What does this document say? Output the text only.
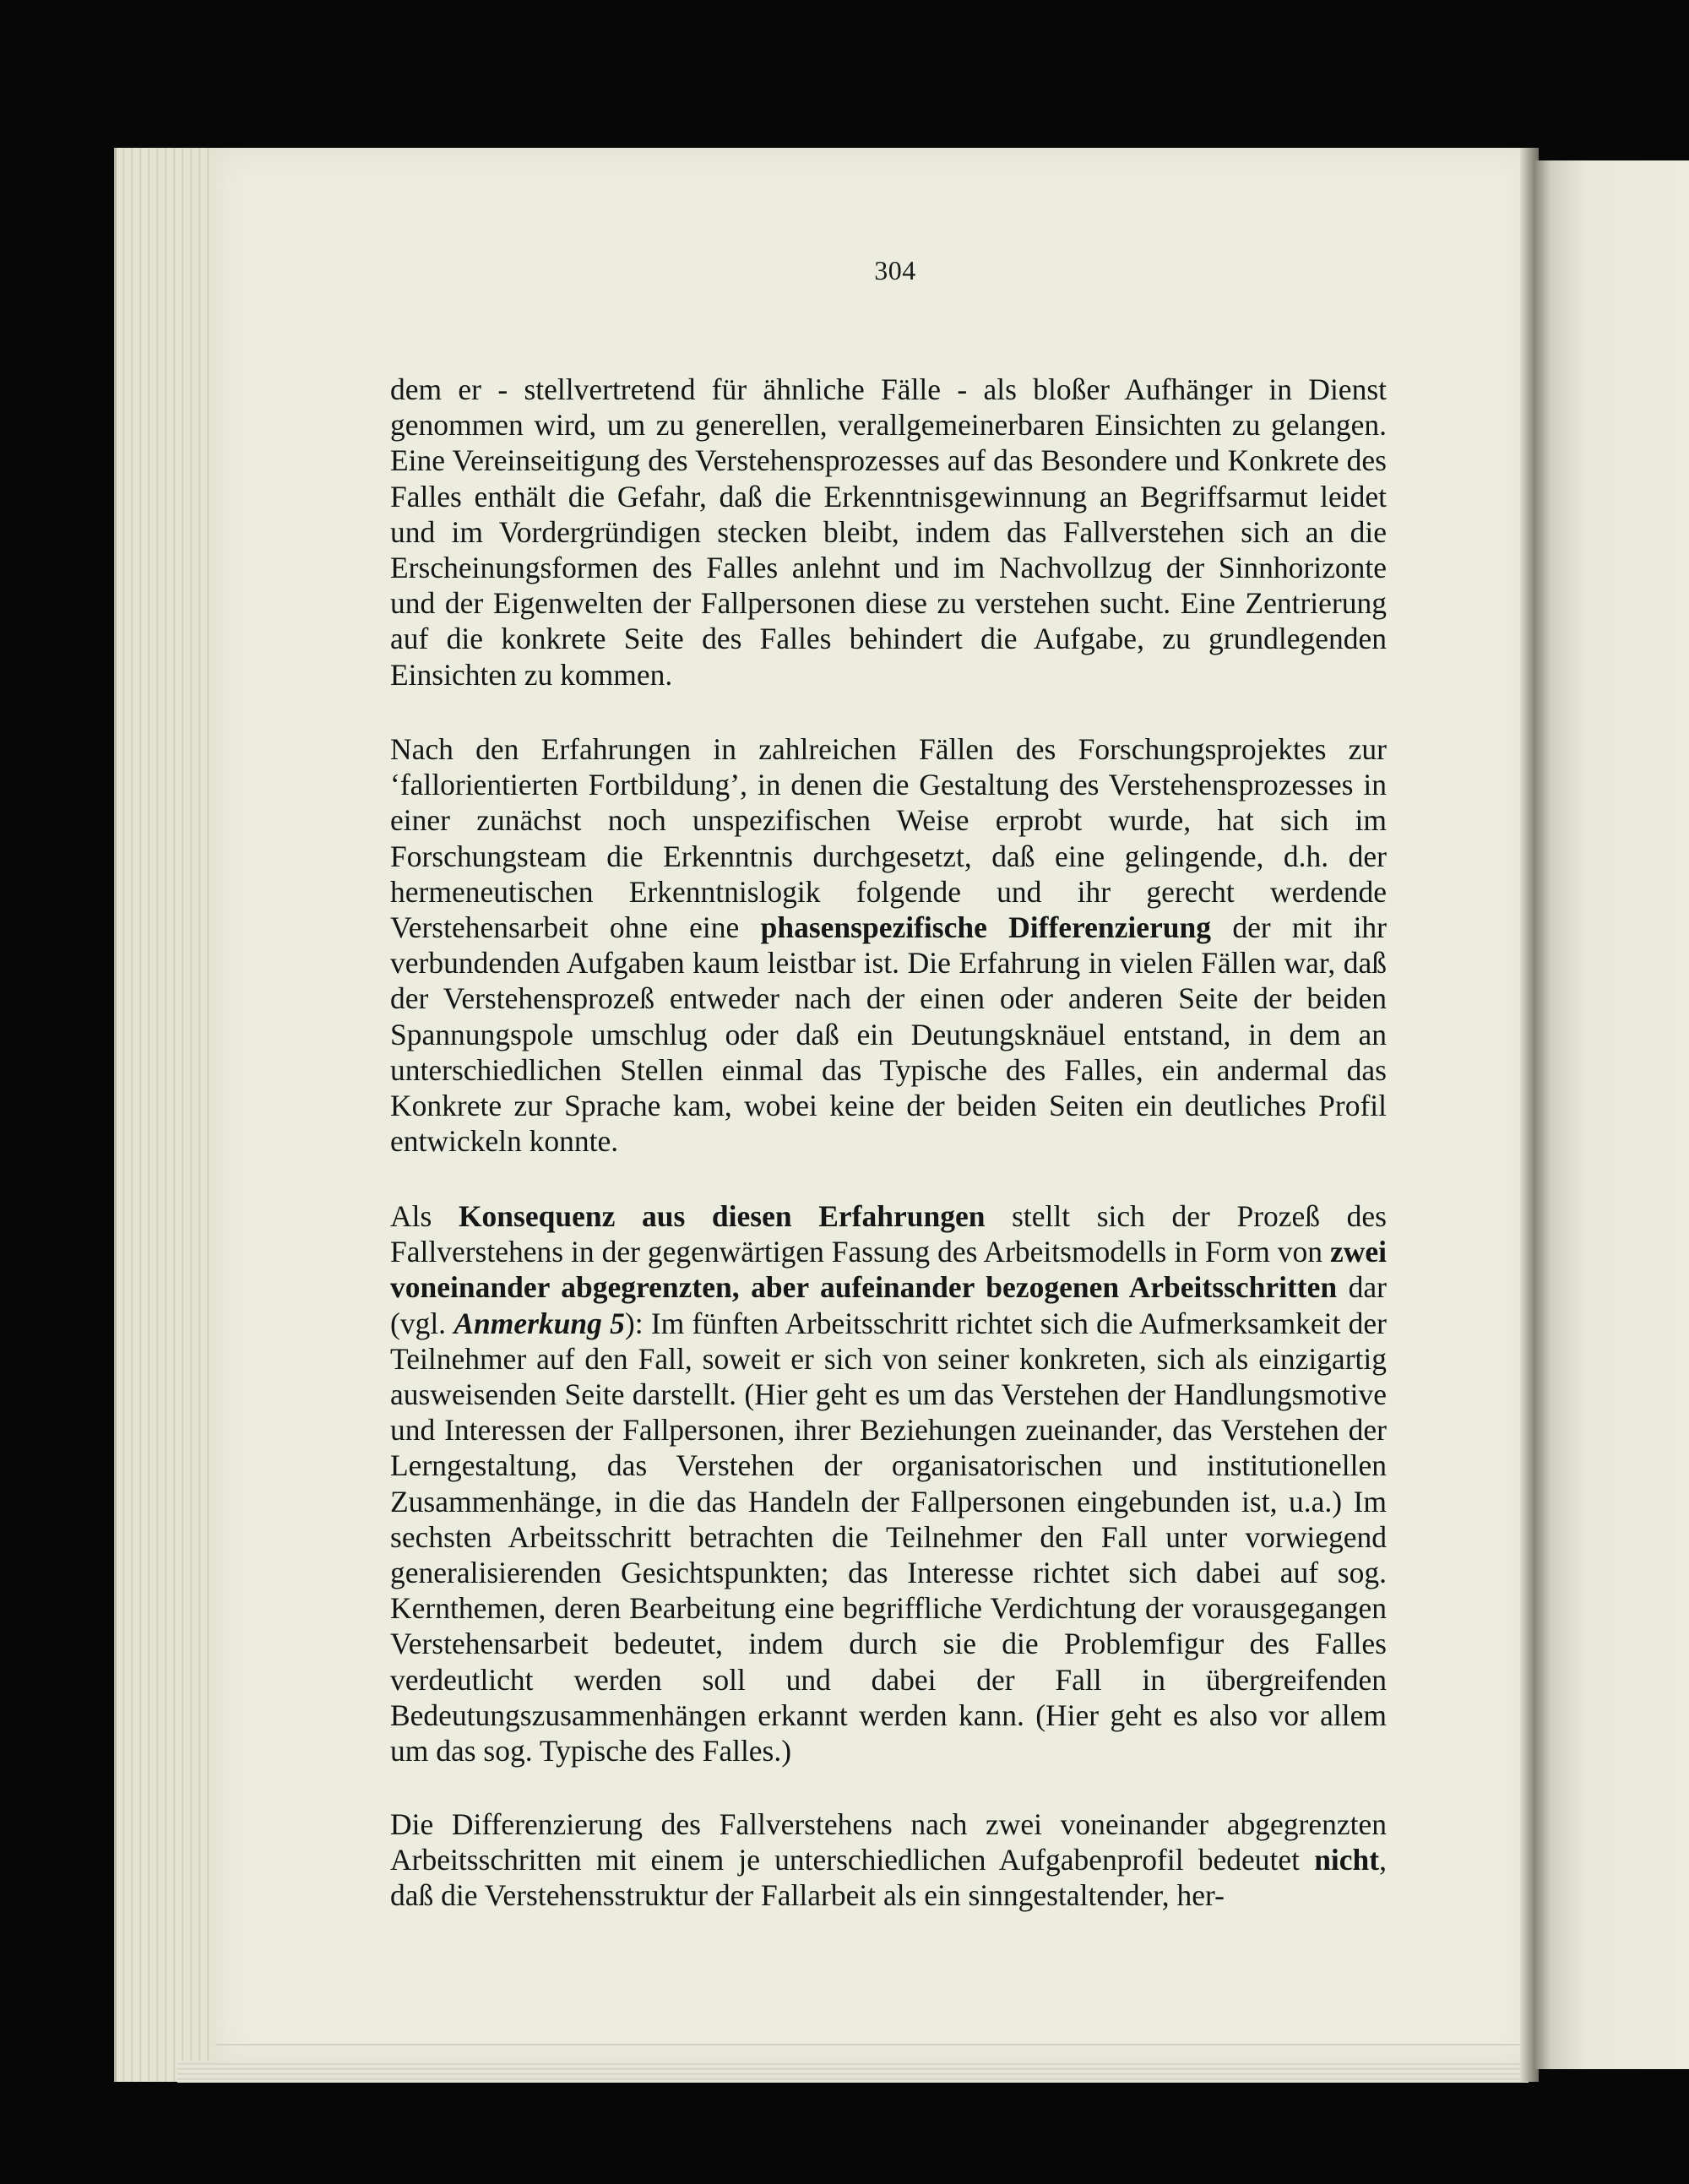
304
dem er - stellvertretend für ähnliche Fälle - als bloßer Aufhänger in Dienst genommen wird, um zu generellen, verallgemeinerbaren Einsichten zu gelangen. Eine Vereinseitigung des Verstehensprozesses auf das Besondere und Konkrete des Falles enthält die Gefahr, daß die Erkenntnisgewinnung an Begriffsarmut leidet und im Vordergründigen stecken bleibt, indem das Fallverstehen sich an die Erscheinungsformen des Falles anlehnt und im Nachvollzug der Sinnhorizonte und der Eigenwelten der Fallpersonen diese zu verstehen sucht. Eine Zentrierung auf die konkrete Seite des Falles behindert die Aufgabe, zu grundlegenden Einsichten zu kommen.
Nach den Erfahrungen in zahlreichen Fällen des Forschungsprojektes zur ‘fallorientierten Fortbildung’, in denen die Gestaltung des Verstehensprozesses in einer zunächst noch unspezifischen Weise erprobt wurde, hat sich im Forschungsteam die Erkenntnis durchgesetzt, daß eine gelingende, d.h. der hermeneutischen Erkenntnislogik folgende und ihr gerecht werdende Verstehensarbeit ohne eine phasenspezifische Differenzierung der mit ihr verbundenden Aufgaben kaum leistbar ist. Die Erfahrung in vielen Fällen war, daß der Verstehensprozeß entweder nach der einen oder anderen Seite der beiden Spannungspole umschlug oder daß ein Deutungsknäuel entstand, in dem an unterschiedlichen Stellen einmal das Typische des Falles, ein andermal das Konkrete zur Sprache kam, wobei keine der beiden Seiten ein deutliches Profil entwickeln konnte.
Als Konsequenz aus diesen Erfahrungen stellt sich der Prozeß des Fallverstehens in der gegenwärtigen Fassung des Arbeitsmodells in Form von zwei voneinander abgegrenzten, aber aufeinander bezogenen Arbeitsschritten dar (vgl. Anmerkung 5): Im fünften Arbeitsschritt richtet sich die Aufmerksamkeit der Teilnehmer auf den Fall, soweit er sich von seiner konkreten, sich als einzigartig ausweisenden Seite darstellt. (Hier geht es um das Verstehen der Handlungsmotive und Interessen der Fallpersonen, ihrer Beziehungen zueinander, das Verstehen der Lerngestaltung, das Verstehen der organisatorischen und institutionellen Zusammenhänge, in die das Handeln der Fallpersonen eingebunden ist, u.a.) Im sechsten Arbeitsschritt betrachten die Teilnehmer den Fall unter vorwiegend generalisierenden Gesichtspunkten; das Interesse richtet sich dabei auf sog. Kernthemen, deren Bearbeitung eine begriffliche Verdichtung der vorausgegangen Verstehensarbeit bedeutet, indem durch sie die Problemfigur des Falles verdeutlicht werden soll und dabei der Fall in übergreifenden Bedeutungszusammenhängen erkannt werden kann. (Hier geht es also vor allem um das sog. Typische des Falles.)
Die Differenzierung des Fallverstehens nach zwei voneinander abgegrenzten Arbeitsschritten mit einem je unterschiedlichen Aufgabenprofil bedeutet nicht, daß die Verstehensstruktur der Fallarbeit als ein sinngestaltender, her-
